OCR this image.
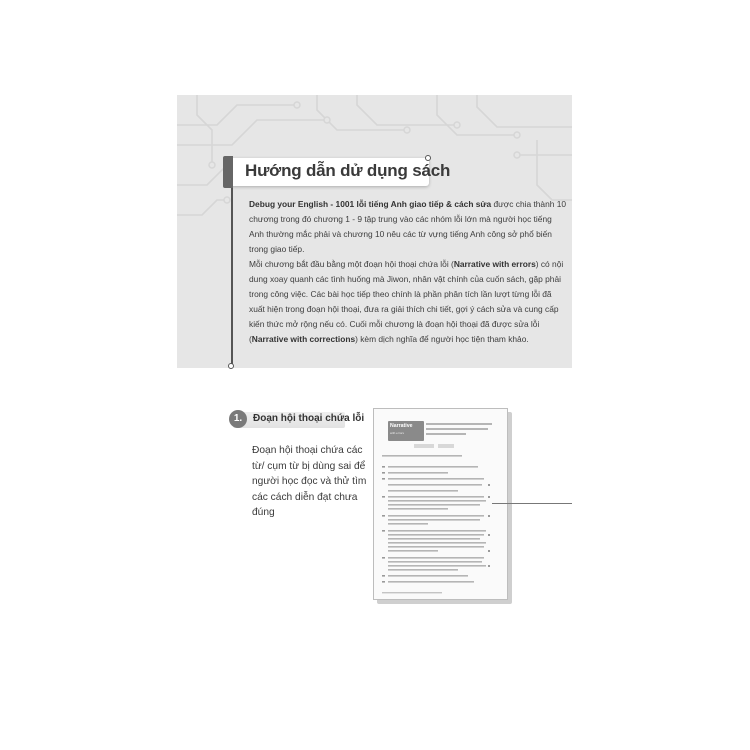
Hướng dẫn dử dụng sách

Debug your English - 1001 lỗi tiếng Anh giao tiếp & cách sửa được chia thành 10 chương trong đó chương 1 - 9 tập trung vào các nhóm lỗi lớn mà người học tiếng Anh thường mắc phải và chương 10 nêu các từ vựng tiếng Anh công sở phổ biến trong giao tiếp.

Mỗi chương bắt đầu bằng một đoạn hội thoại chứa lỗi (Narrative with errors) có nội dung xoay quanh các tình huống mà Jiwon, nhân vật chính của cuốn sách, gặp phải trong công việc. Các bài học tiếp theo chính là phần phân tích lần lượt từng lỗi đã xuất hiện trong đoạn hội thoại, đưa ra giải thích chi tiết, gợi ý cách sửa và cung cấp kiến thức mở rộng nếu có. Cuối mỗi chương là đoạn hội thoại đã được sửa lỗi (Narrative with corrections) kèm dịch nghĩa để người học tiện tham khảo.

1.	Đoạn hội thoại chứa lỗi

Đoạn hội thoại chứa các từ/ cụm từ bị dùng sai để người học đọc và thử tìm các cách diễn đạt chưa đúng

Narrative
with errors
